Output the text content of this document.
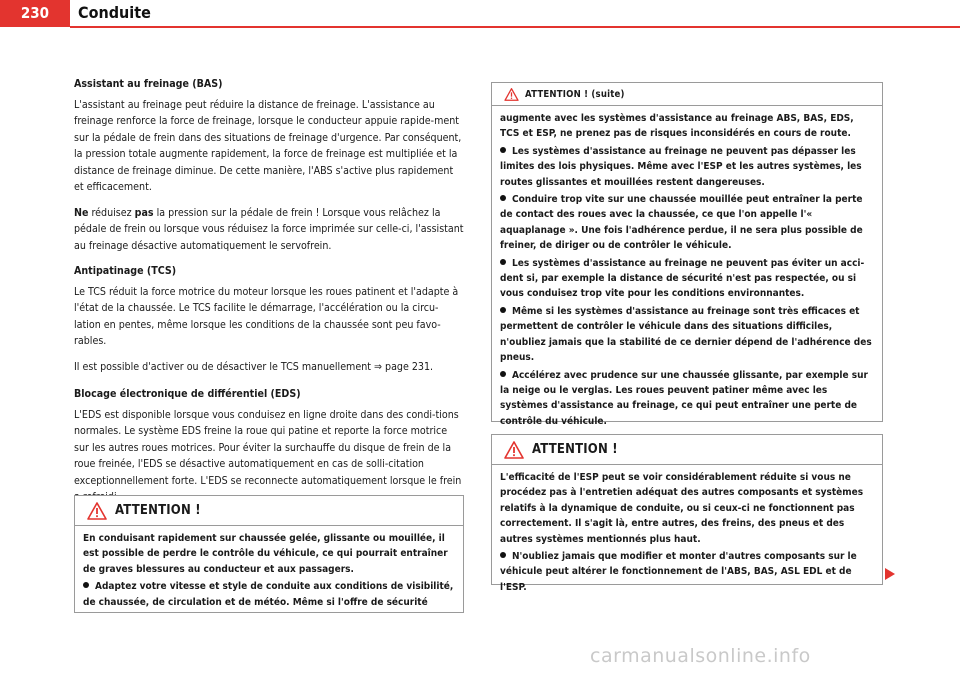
230	Conduite
Assistant au freinage (BAS)

L'assistant au freinage peut réduire la distance de freinage. L'assistance au freinage renforce la force de freinage, lorsque le conducteur appuie rapide-ment sur la pédale de frein dans des situations de freinage d'urgence. Par conséquent, la pression totale augmente rapidement, la force de freinage est multipliée et la distance de freinage diminue. De cette manière, l'ABS s'active plus rapidement et efficacement.

Ne réduisez pas la pression sur la pédale de frein ! Lorsque vous relâchez la pédale de frein ou lorsque vous réduisez la force imprimée sur celle-ci, l'assistant au freinage désactive automatiquement le servofrein.

Antipatinage (TCS)

Le TCS réduit la force motrice du moteur lorsque les roues patinent et l'adapte à l'état de la chaussée. Le TCS facilite le démarrage, l'accélération ou la circu-lation en pentes, même lorsque les conditions de la chaussée sont peu favo-rables.

Il est possible d'activer ou de désactiver le TCS manuellement ⇒ page 231.

Blocage électronique de différentiel (EDS)

L'EDS est disponible lorsque vous conduisez en ligne droite dans des condi-tions normales. Le système EDS freine la roue qui patine et reporte la force motrice sur les autres roues motrices. Pour éviter la surchauffe du disque de frein de la roue freinée, l'EDS se désactive automatiquement en cas de solli-citation exceptionnellement forte. L'EDS se reconnecte automatiquement lorsque le frein

ATTENTION !

En conduisant rapidement sur chaussée gelée, glissante ou mouillée, il est possible de perdre le contrôle du véhicule, ce qui pourrait entraîner de graves blessures au conducteur et aux passagers.

Adaptez votre vitesse et style de conduite aux conditions de visibilité, de chaussée, de circulation et de météo. Même si l'offre de sécurité

ATTENTION ! (suite)

augmente avec les systèmes d'assistance au freinage ABS, BAS, EDS, TCS et ESP, ne prenez pas de risques inconsidérés en cours de route.

Les systèmes d'assistance au freinage ne peuvent pas dépasser les limites des lois physiques. Même avec l'ESP et les autres systèmes, les routes glissantes et mouillées restent dangereuses.

Conduire trop vite sur une chaussée mouillée peut entraîner la perte de contact des roues avec la chaussée, ce que l'on appelle l'« aquaplanage ». Une fois l'adhérence perdue, il ne sera plus possible de freiner, de diriger ou de contrôler le véhicule.

Les systèmes d'assistance au freinage ne peuvent pas éviter un acci-dent si, par exemple la distance de sécurité n'est pas respectée, ou si vous conduisez trop vite pour les conditions environnantes.

Même si les systèmes d'assistance au freinage sont très efficaces et permettent de contrôler le véhicule dans des situations difficiles, n'oubliez jamais que la stabilité de ce dernier dépend de l'adhérence des pneus.

Accélérez avec prudence sur une chaussée glissante, par exemple sur la neige ou le verglas. Les roues peuvent patiner même avec les systèmes d'assistance au freinage, ce qui peut entraîner une perte de contrôle du véhicule.

ATTENTION !

L'efficacité de l'ESP peut se voir considérablement réduite si vous ne procédez pas à l'entretien adéquat des autres composants et systèmes relatifs à la dynamique de conduite, ou si ceux-ci ne fonctionnent pas correctement. Il s'agit là, entre autres, des freins, des pneus et des autres systèmes mentionnés plus haut.

N'oubliez jamais que modifier et monter d'autres composants sur le véhicule peut altérer le fonctionnement de l'ABS, BAS, ASL EDL et de l'ESP.

carmanualsonline.info
